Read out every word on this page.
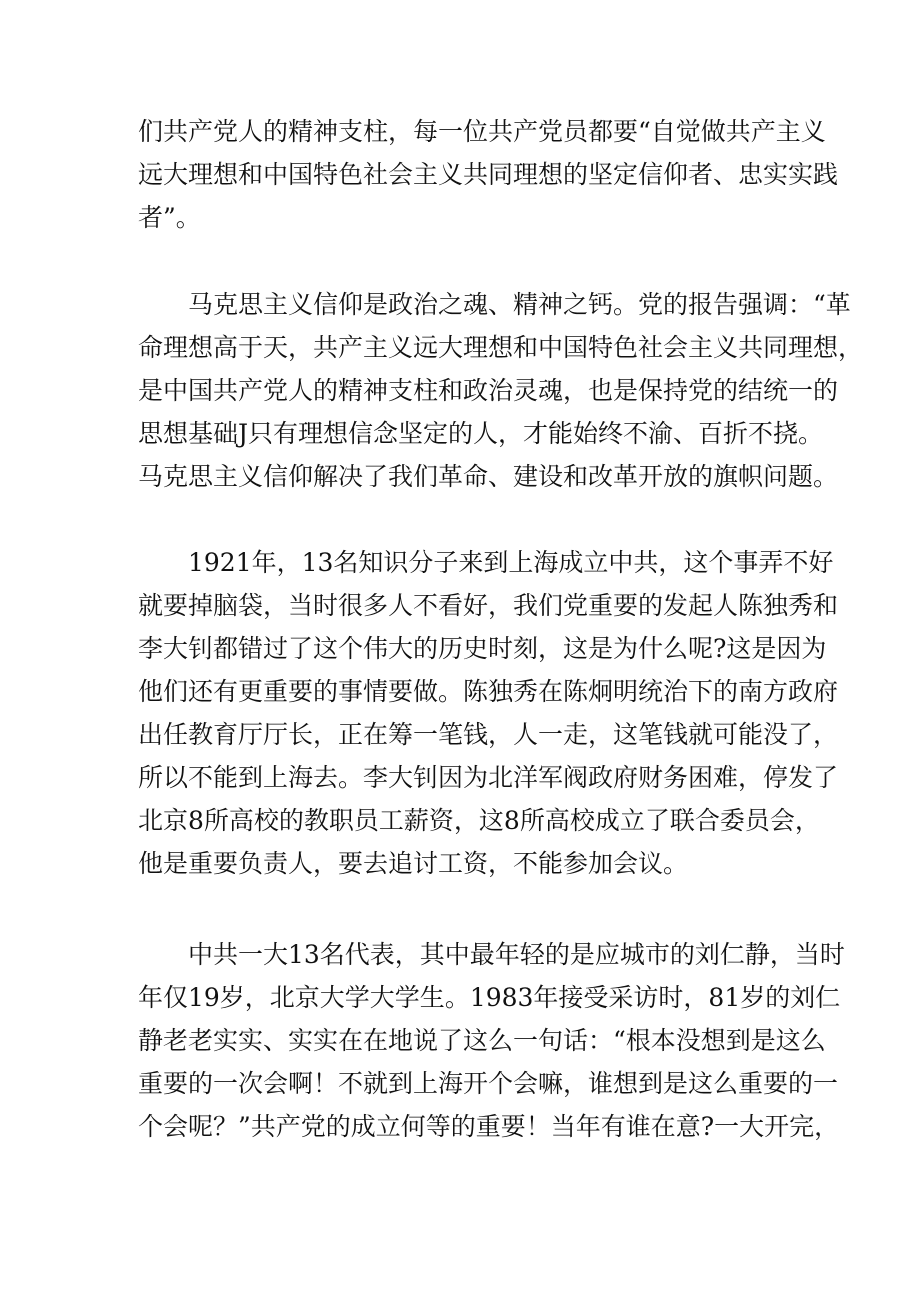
们共产党人的精神支柱，每一位共产党员都要“自觉做共产主义
远大理想和中国特色社会主义共同理想的坚定信仰者、忠实实践
者”。
马克思主义信仰是政治之魂、精神之钙。党的报告强调：“革
命理想高于天，共产主义远大理想和中国特色社会主义共同理想，
是中国共产党人的精神支柱和政治灵魂，也是保持党的结统一的
思想基础J只有理想信念坚定的人，才能始终不渝、百折不挠。
马克思主义信仰解决了我们革命、建设和改革开放的旗帜问题。
1921年，13名知识分子来到上海成立中共，这个事弄不好
就要掉脑袋，当时很多人不看好，我们党重要的发起人陈独秀和
李大钊都错过了这个伟大的历史时刻，这是为什么呢?这是因为
他们还有更重要的事情要做。陈独秀在陈炯明统治下的南方政府
出任教育厅厅长，正在筹一笔钱，人一走，这笔钱就可能没了，
所以不能到上海去。李大钊因为北洋军阀政府财务困难，停发了
北京8所高校的教职员工薪资，这8所高校成立了联合委员会，
他是重要负责人，要去追讨工资，不能参加会议。
中共一大13名代表，其中最年轻的是应城市的刘仁静，当时
年仅19岁，北京大学大学生。1983年接受采访时，81岁的刘仁
静老老实实、实实在在地说了这么一句话：“根本没想到是这么
重要的一次会啊！不就到上海开个会嘛，谁想到是这么重要的一
个会呢？”共产党的成立何等的重要！当年有谁在意?一大开完，
